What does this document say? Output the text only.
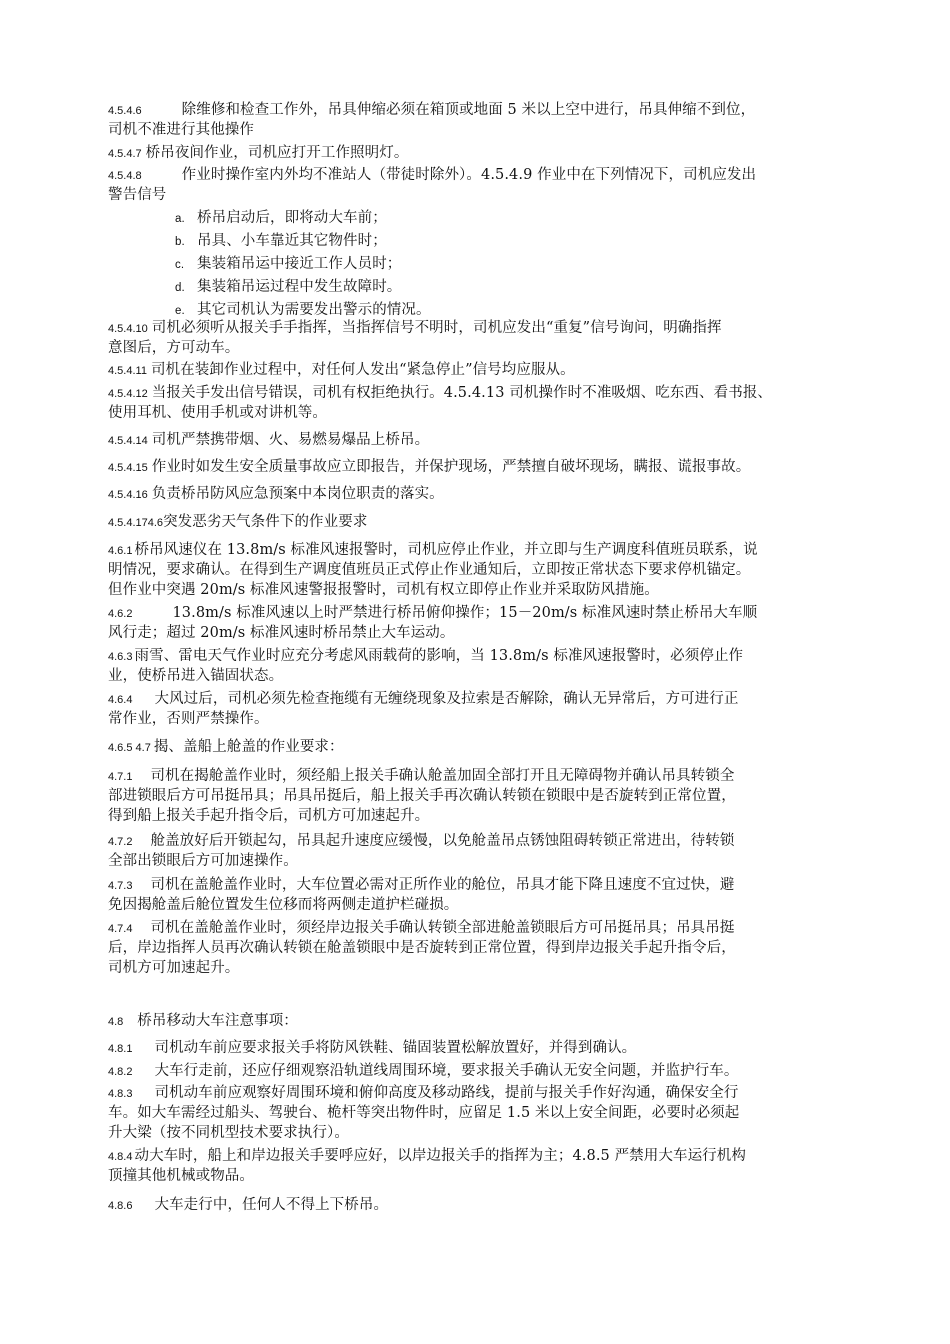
4.5.4.6	除维修和检查工作外，吊具伸缩必须在箱顶或地面 5 米以上空中进行，吊具伸缩不到位，
司机不准进行其他操作
4.5.4.7 桥吊夜间作业，司机应打开工作照明灯。
4.5.4.8	作业时操作室内外均不准站人（带徒时除外）。4.5.4.9 作业中在下列情况下，司机应发出
警告信号
a. 桥吊启动后，即将动大车前；
b. 吊具、小车靠近其它物件时；
c. 集装箱吊运中接近工作人员时；
d. 集装箱吊运过程中发生故障时。
e. 其它司机认为需要发出警示的情况。
4.5.4.10 司机必须听从报关手手指挥，当指挥信号不明时，司机应发出“重复”信号询问，明确指挥
意图后，方可动车。
4.5.4.11 司机在装卸作业过程中，对任何人发出“紧急停止”信号均应服从。
4.5.4.12 当报关手发出信号错误，司机有权拒绝执行。4.5.4.13 司机操作时不准吸烟、吃东西、看书报、
使用耳机、使用手机或对讲机等。
4.5.4.14 司机严禁携带烟、火、易燃易爆品上桥吊。
4.5.4.15 作业时如发生安全质量事故应立即报告，并保护现场，严禁擅自破坏现场，瞒报、谎报事故。
4.5.4.16 负责桥吊防风应急预案中本岗位职责的落实。
4.5.4.174.6突发恶劣天气条件下的作业要求
4.6.1 桥吊风速仪在 13.8m/s 标准风速报警时，司机应停止作业，并立即与生产调度科值班员联系，说
明情况，要求确认。在得到生产调度值班员正式停止作业通知后，立即按正常状态下要求停机锚定。
但作业中突遇 20m/s 标准风速警报报警时，司机有权立即停止作业并采取防风措施。
4.6.2	13.8m/s 标准风速以上时严禁进行桥吊俯仰操作；15－20m/s 标准风速时禁止桥吊大车顺
风行走；超过 20m/s 标准风速时桥吊禁止大车运动。
4.6.3 雨雪、雷电天气作业时应充分考虑风雨载荷的影响，当 13.8m/s 标准风速报警时，必须停止作
业，使桥吊进入锚固状态。
4.6.4 大风过后，司机必须先检查拖缆有无缠绕现象及拉索是否解除，确认无异常后，方可进行正
常作业，否则严禁操作。
4.6.5 4.7 揭、盖船上舱盖的作业要求：
4.7.1 司机在揭舱盖作业时，须经船上报关手确认舱盖加固全部打开且无障碍物并确认吊具转锁全
部进锁眼后方可吊挺吊具；吊具吊挺后，船上报关手再次确认转锁在锁眼中是否旋转到正常位置，
得到船上报关手起升指令后，司机方可加速起升。
4.7.2 舱盖放好后开锁起勾，吊具起升速度应缓慢，以免舱盖吊点锈蚀阻碍转锁正常进出，待转锁
全部出锁眼后方可加速操作。
4.7.3 司机在盖舱盖作业时，大车位置必需对正所作业的舱位，吊具才能下降且速度不宜过快，避
免因揭舱盖后舱位置发生位移而将两侧走道护栏碰损。
4.7.4 司机在盖舱盖作业时，须经岸边报关手确认转锁全部进舱盖锁眼后方可吊挺吊具；吊具吊挺
后，岸边指挥人员再次确认转锁在舱盖锁眼中是否旋转到正常位置，得到岸边报关手起升指令后，
司机方可加速起升。
4.8 桥吊移动大车注意事项：
4.8.1 司机动车前应要求报关手将防风铁鞋、锚固装置松解放置好，并得到确认。
4.8.2 大车行走前，还应仔细观察沿轨道线周围环境，要求报关手确认无安全问题，并监护行车。
4.8.3 司机动车前应观察好周围环境和俯仰高度及移动路线，提前与报关手作好沟通，确保安全行
车。如大车需经过船头、驾驶台、桅杆等突出物件时，应留足 1.5 米以上安全间距，必要时必须起
升大梁（按不同机型技术要求执行）。
4.8.4 动大车时，船上和岸边报关手要呼应好，以岸边报关手的指挥为主；4.8.5 严禁用大车运行机构
顶撞其他机械或物品。
4.8.6 大车走行中，任何人不得上下桥吊。
